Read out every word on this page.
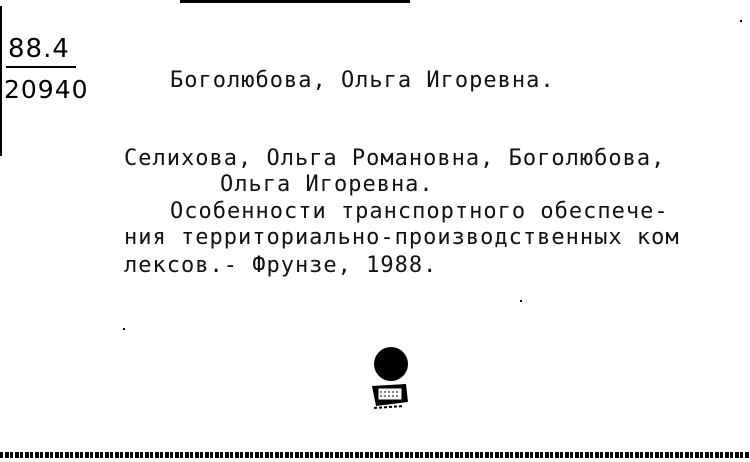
88.4
20940	Боголюбова, Ольга Игоревна.
Селихова, Ольга Романовна, Боголюбова,
Ольга Игоревна.
Особенности транспортного обеспече-
ния территориально-производственных ком
лексов.- Фрунзе, 1988.
